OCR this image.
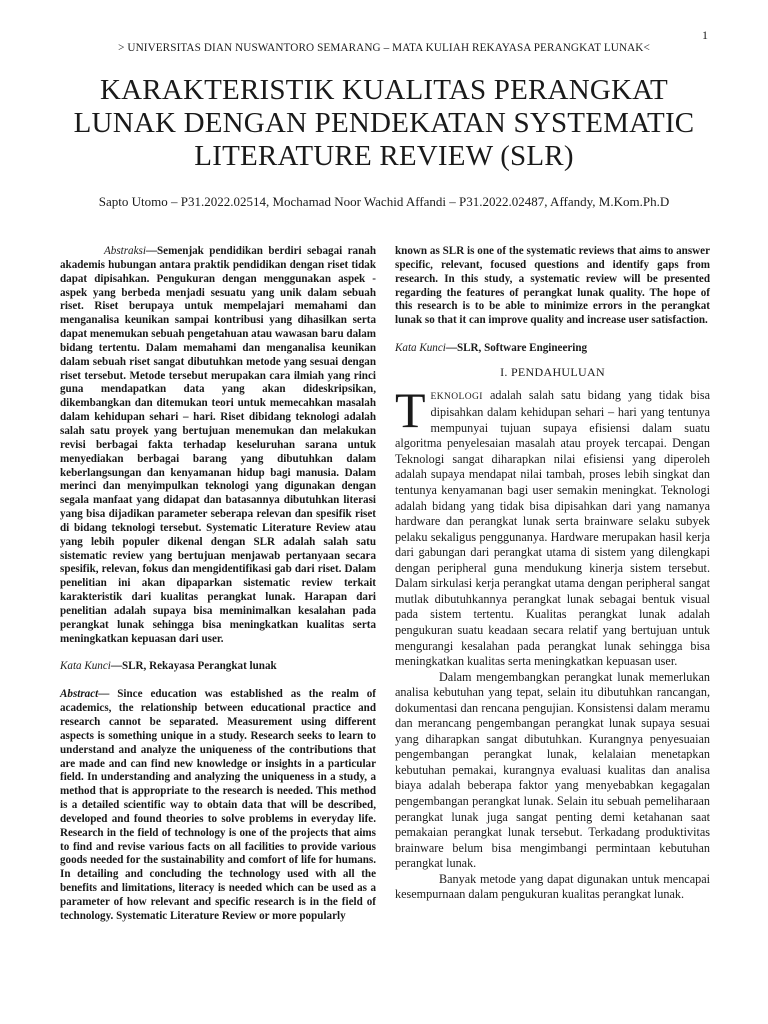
1
> UNIVERSITAS DIAN NUSWANTORO SEMARANG – MATA KULIAH REKAYASA PERANGKAT LUNAK<
KARAKTERISTIK KUALITAS PERANGKAT
LUNAK DENGAN PENDEKATAN SYSTEMATIC
LITERATURE REVIEW (SLR)
Sapto Utomo – P31.2022.02514, Mochamad Noor Wachid Affandi – P31.2022.02487, Affandy, M.Kom.Ph.D

Abstraksi—Semenjak pendidikan berdiri sebagai ranah akademis hubungan antara praktik pendidikan dengan riset tidak dapat dipisahkan. Pengukuran dengan menggunakan aspek - aspek yang berbeda menjadi sesuatu yang unik dalam sebuah riset. Riset berupaya untuk mempelajari memahami dan menganalisa keunikan sampai kontribusi yang dihasilkan serta dapat menemukan sebuah pengetahuan atau wawasan baru dalam bidang tertentu. Dalam memahami dan menganalisa keunikan dalam sebuah riset sangat dibutuhkan metode yang sesuai dengan riset tersebut. Metode tersebut merupakan cara ilmiah yang rinci guna mendapatkan data yang akan dideskripsikan, dikembangkan dan ditemukan teori untuk memecahkan masalah dalam kehidupan sehari – hari. Riset dibidang teknologi adalah salah satu proyek yang bertujuan menemukan dan melakukan revisi berbagai fakta terhadap keseluruhan sarana untuk menyediakan berbagai barang yang dibutuhkan dalam keberlangsungan dan kenyamanan hidup bagi manusia. Dalam merinci dan menyimpulkan teknologi yang digunakan dengan segala manfaat yang didapat dan batasannya dibutuhkan literasi yang bisa dijadikan parameter seberapa relevan dan spesifik riset di bidang teknologi tersebut. Systematic Literature Review atau yang lebih populer dikenal dengan SLR adalah salah satu sistematic review yang bertujuan menjawab pertanyaan secara spesifik, relevan, fokus dan mengidentifikasi gab dari riset. Dalam penelitian ini akan dipaparkan sistematic review terkait karakteristik dari kualitas perangkat lunak. Harapan dari penelitian adalah supaya bisa meminimalkan kesalahan pada perangkat lunak sehingga bisa meningkatkan kualitas serta meningkatkan kepuasan dari user.

Kata Kunci—SLR, Rekayasa Perangkat lunak

Abstract— Since education was established as the realm of academics, the relationship between educational practice and research cannot be separated. Measurement using different aspects is something unique in a study. Research seeks to learn to understand and analyze the uniqueness of the contributions that are made and can find new knowledge or insights in a particular field. In understanding and analyzing the uniqueness in a study, a method that is appropriate to the research is needed. This method is a detailed scientific way to obtain data that will be described, developed and found theories to solve problems in everyday life. Research in the field of technology is one of the projects that aims to find and revise various facts on all facilities to provide various goods needed for the sustainability and comfort of life for humans. In detailing and concluding the technology used with all the benefits and limitations, literacy is needed which can be used as a parameter of how relevant and specific research is in the field of technology. Systematic Literature Review or more popularly

known as SLR is one of the systematic reviews that aims to answer specific, relevant, focused questions and identify gaps from research. In this study, a systematic review will be presented regarding the features of perangkat lunak quality. The hope of this research is to be able to minimize errors in the perangkat lunak so that it can improve quality and increase user satisfaction.

Kata Kunci—SLR, Software Engineering

I. PENDAHULUAN

TEKNOLOGI adalah salah satu bidang yang tidak bisa dipisahkan dalam kehidupan sehari – hari yang tentunya mempunyai tujuan supaya efisiensi dalam suatu algoritma penyelesaian masalah atau proyek tercapai. Dengan Teknologi sangat diharapkan nilai efisiensi yang diperoleh adalah supaya mendapat nilai tambah, proses lebih singkat dan tentunya kenyamanan bagi user semakin meningkat. Teknologi adalah bidang yang tidak bisa dipisahkan dari yang namanya hardware dan perangkat lunak serta brainware selaku subyek pelaku sekaligus penggunanya. Hardware merupakan hasil kerja dari gabungan dari perangkat utama di sistem yang dilengkapi dengan peripheral guna mendukung kinerja sistem tersebut. Dalam sirkulasi kerja perangkat utama dengan peripheral sangat mutlak dibutuhkannya perangkat lunak sebagai bentuk visual pada sistem tertentu. Kualitas perangkat lunak adalah pengukuran suatu keadaan secara relatif yang bertujuan untuk mengurangi kesalahan pada perangkat lunak sehingga bisa meningkatkan kualitas serta meningkatkan kepuasan user.

Dalam mengembangkan perangkat lunak memerlukan analisa kebutuhan yang tepat, selain itu dibutuhkan rancangan, dokumentasi dan rencana pengujian. Konsistensi dalam meramu dan merancang pengembangan perangkat lunak supaya sesuai yang diharapkan sangat dibutuhkan. Kurangnya penyesuaian pengembangan perangkat lunak, kelalaian menetapkan kebutuhan pemakai, kurangnya evaluasi kualitas dan analisa biaya adalah beberapa faktor yang menyebabkan kegagalan pengembangan perangkat lunak. Selain itu sebuah pemeliharaan perangkat lunak juga sangat penting demi ketahanan saat pemakaian perangkat lunak tersebut. Terkadang produktivitas brainware belum bisa mengimbangi permintaan kebutuhan perangkat lunak.

Banyak metode yang dapat digunakan untuk mencapai kesempurnaan dalam pengukuran kualitas perangkat lunak.
